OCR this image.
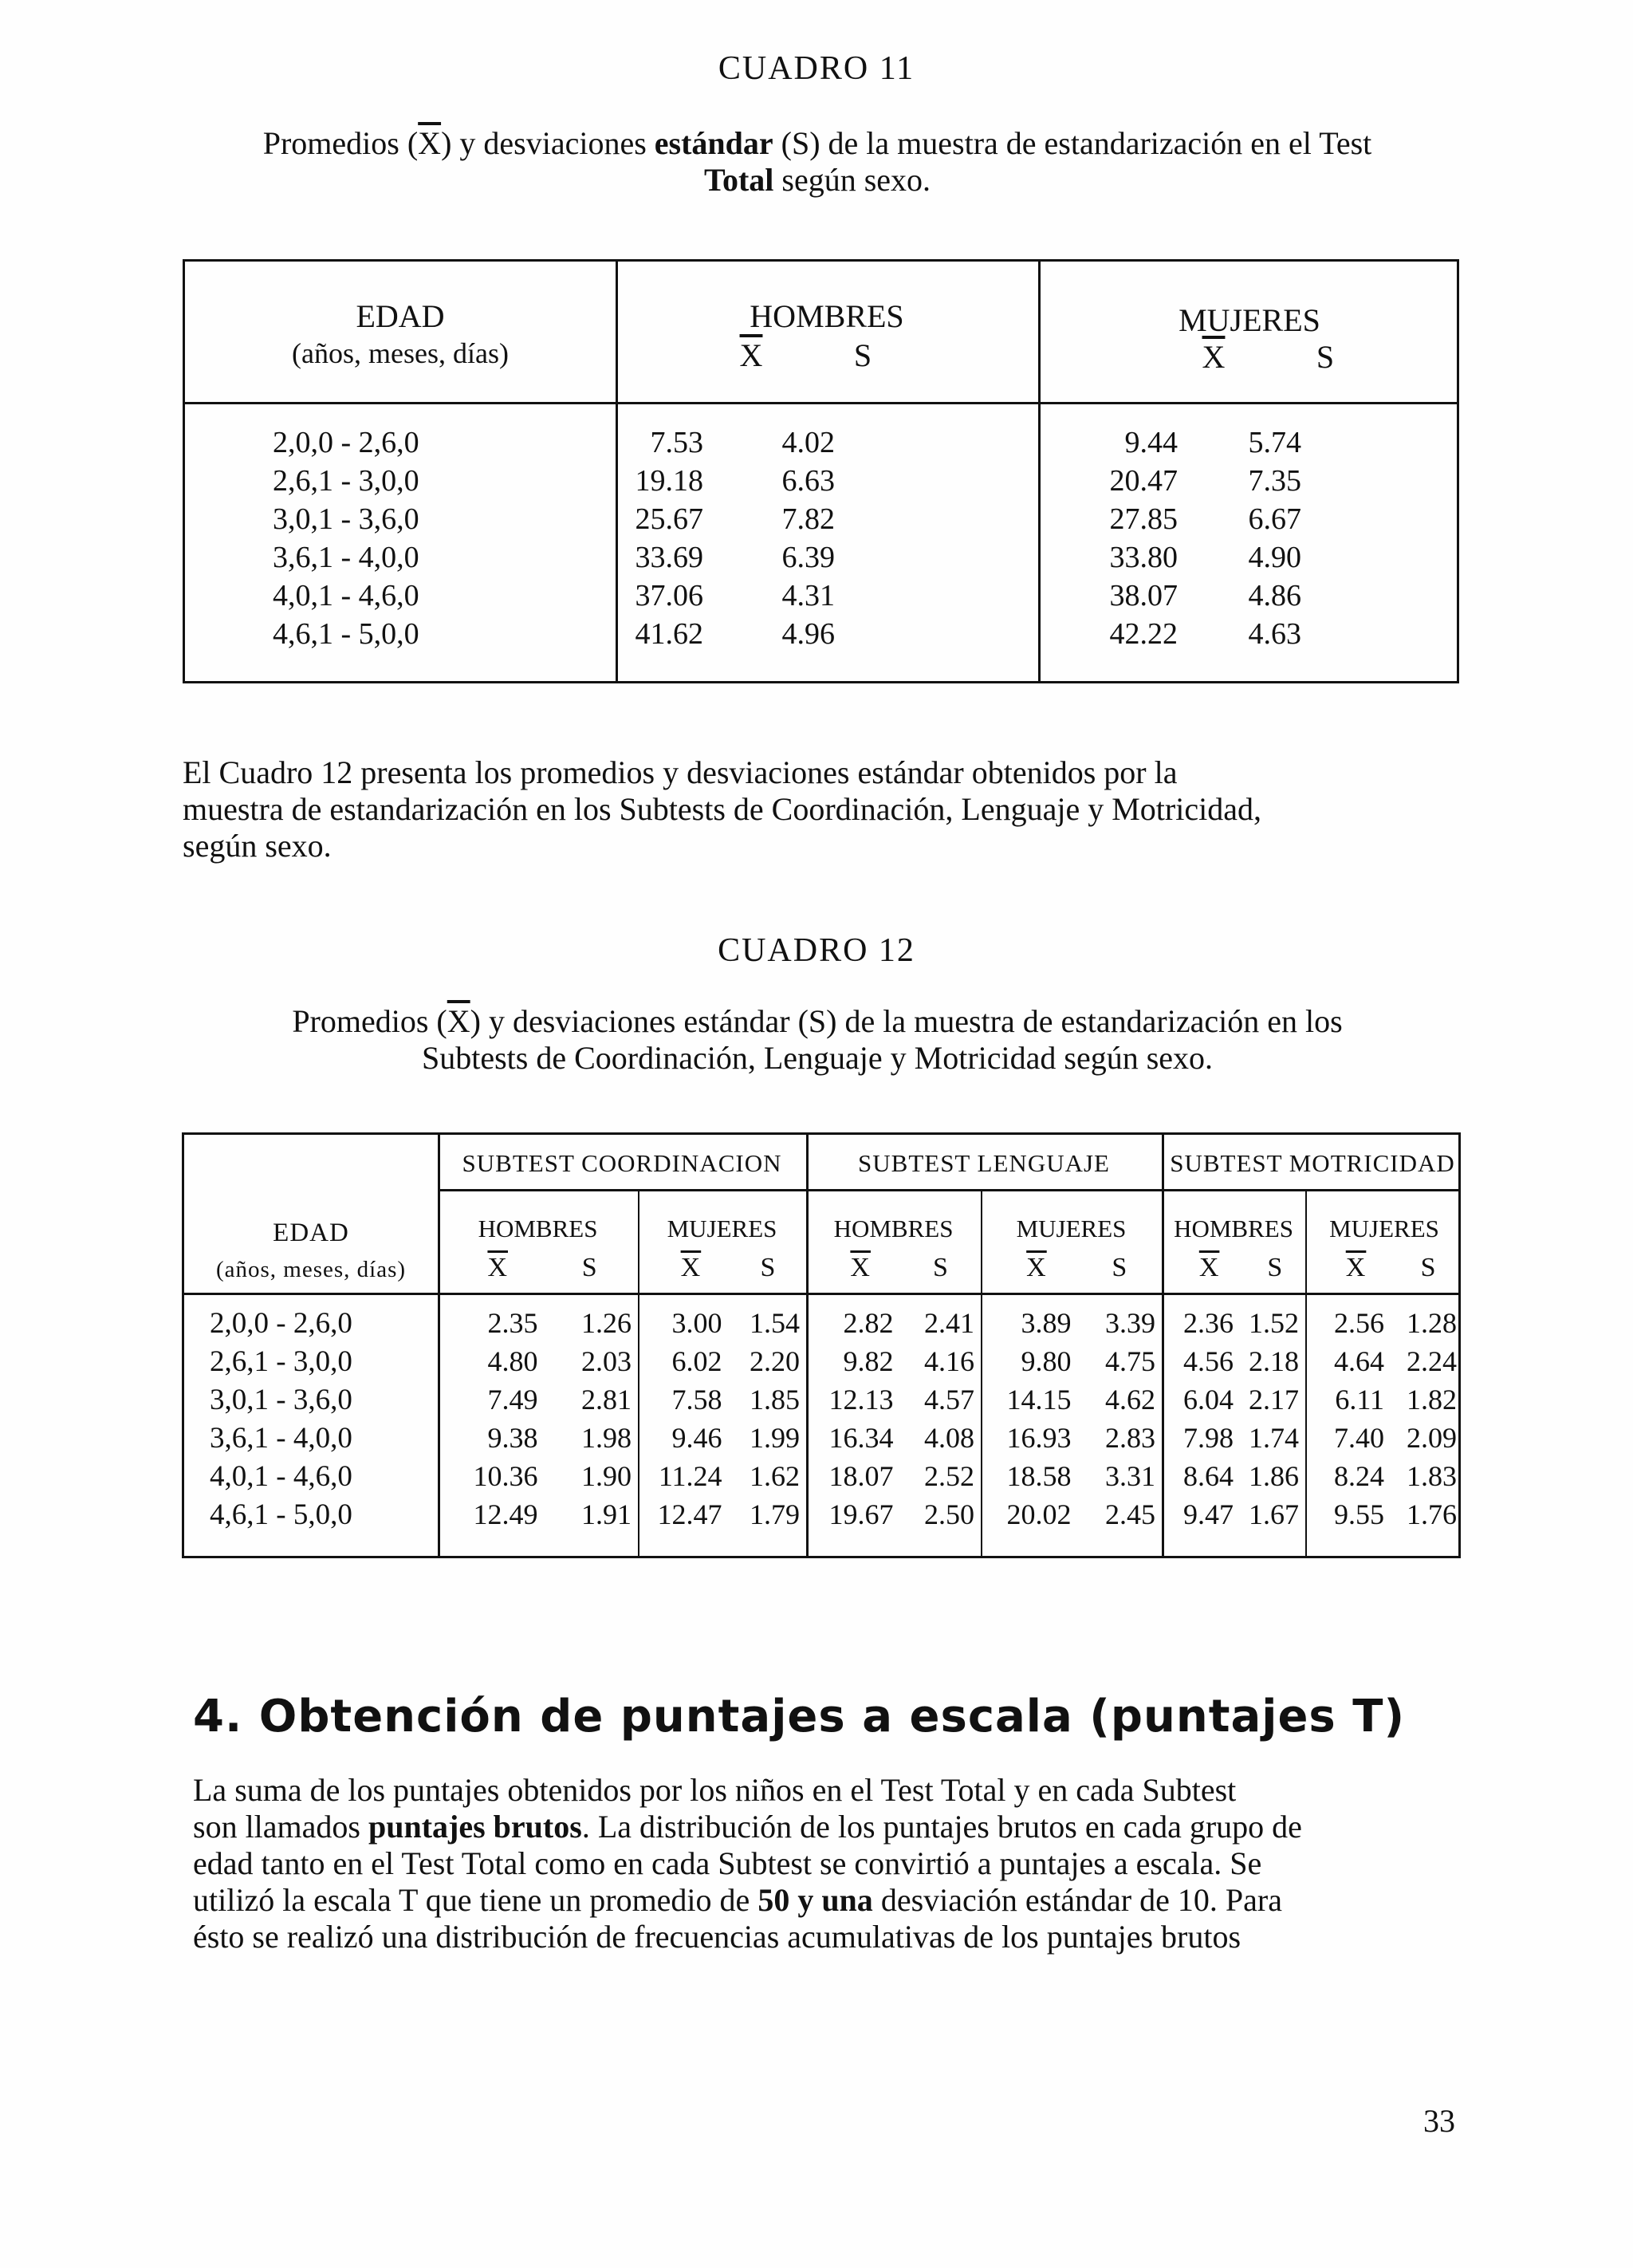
CUADRO 11
Promedios $(\overline{X})$ y desviaciones estándar (S) de la muestra de estandarización en el Test
Total según sexo.
EDAD
(años, meses, días)
HOMBRES
$\overline{X}$	S
MUJERES
$\overline{X}$	S
2,0,0 - 2,6,0	7.53	4.02	9.44	5.74
2,6,1 - 3,0,0	19.18	6.63	20.47	7.35
3,0,1 - 3,6,0	25.67	7.82	27.85	6.67
3,6,1 - 4,0,0	33.69	6.39	33.80	4.90
4,0,1 - 4,6,0	37.06	4.31	38.07	4.86
4,6,1 - 5,0,0	41.62	4.96	42.22	4.63
El Cuadro 12 presenta los promedios y desviaciones estándar obtenidos por la
muestra de estandarización en los Subtests de Coordinación, Lenguaje y Motricidad,
según sexo.
CUADRO 12
Promedios $(\overline{X})$ y desviaciones estándar (S) de la muestra de estandarización en los
Subtests de Coordinación, Lenguaje y Motricidad según sexo.
EDAD
(años, meses, días)
SUBTEST COORDINACION	SUBTEST LENGUAJE	SUBTEST MOTRICIDAD
HOMBRES
$\overline{X}$	S
MUJERES
$\overline{X}$ S
HOMBRES
$\overline{X}$ S
MUJERES
$\overline{X}$ S
HOMBRES
$\overline{X}$ S
MUJERES
$\overline{X}$ S
2,0,0 - 2,6,0	2.35	1.26	3.00 1.54	2.82	2.41	3.89	3.39 2.36 1.52	2.56 1.28
2,6,1 - 3,0,0	4.80	2.03	6.02 2.20	9.82	4.16	9.80	4.75 4.56 2.18	4.64 2.24
3,0,1 - 3,6,0	7.49	2.81	7.58 1.85	12.13	4.57	14.15	4.62 6.04 2.17	6.11 1.82
3,6,1 - 4,0,0	9.38	1.98	9.46 1.99	16.34	4.08	16.93	2.83 7.98 1.74	7.40 2.09
4,0,1 - 4,6,0	10.36	1.90 11.24 1.62	18.07	2.52	18.58	3.31 8.64 1.86	8.24 1.83
4,6,1 - 5,0,0	12.49	1.91 12.47 1.79	19.67	2.50	20.02	2.45 9.47 1.67	9.55 1.76
4. Obtención de puntajes a escala (puntajes T)
La suma de los puntajes obtenidos por los niños en el Test Total y en cada Subtest
son llamados puntajes brutos. La distribución de los puntajes brutos en cada grupo de
edad tanto en el Test Total como en cada Subtest se convirtió a puntajes a escala. Se
utilizó la escala T que tiene un promedio de 50 y una desviación estándar de 10. Para
ésto se realizó una distribución de frecuencias acumulativas de los puntajes brutos
33
